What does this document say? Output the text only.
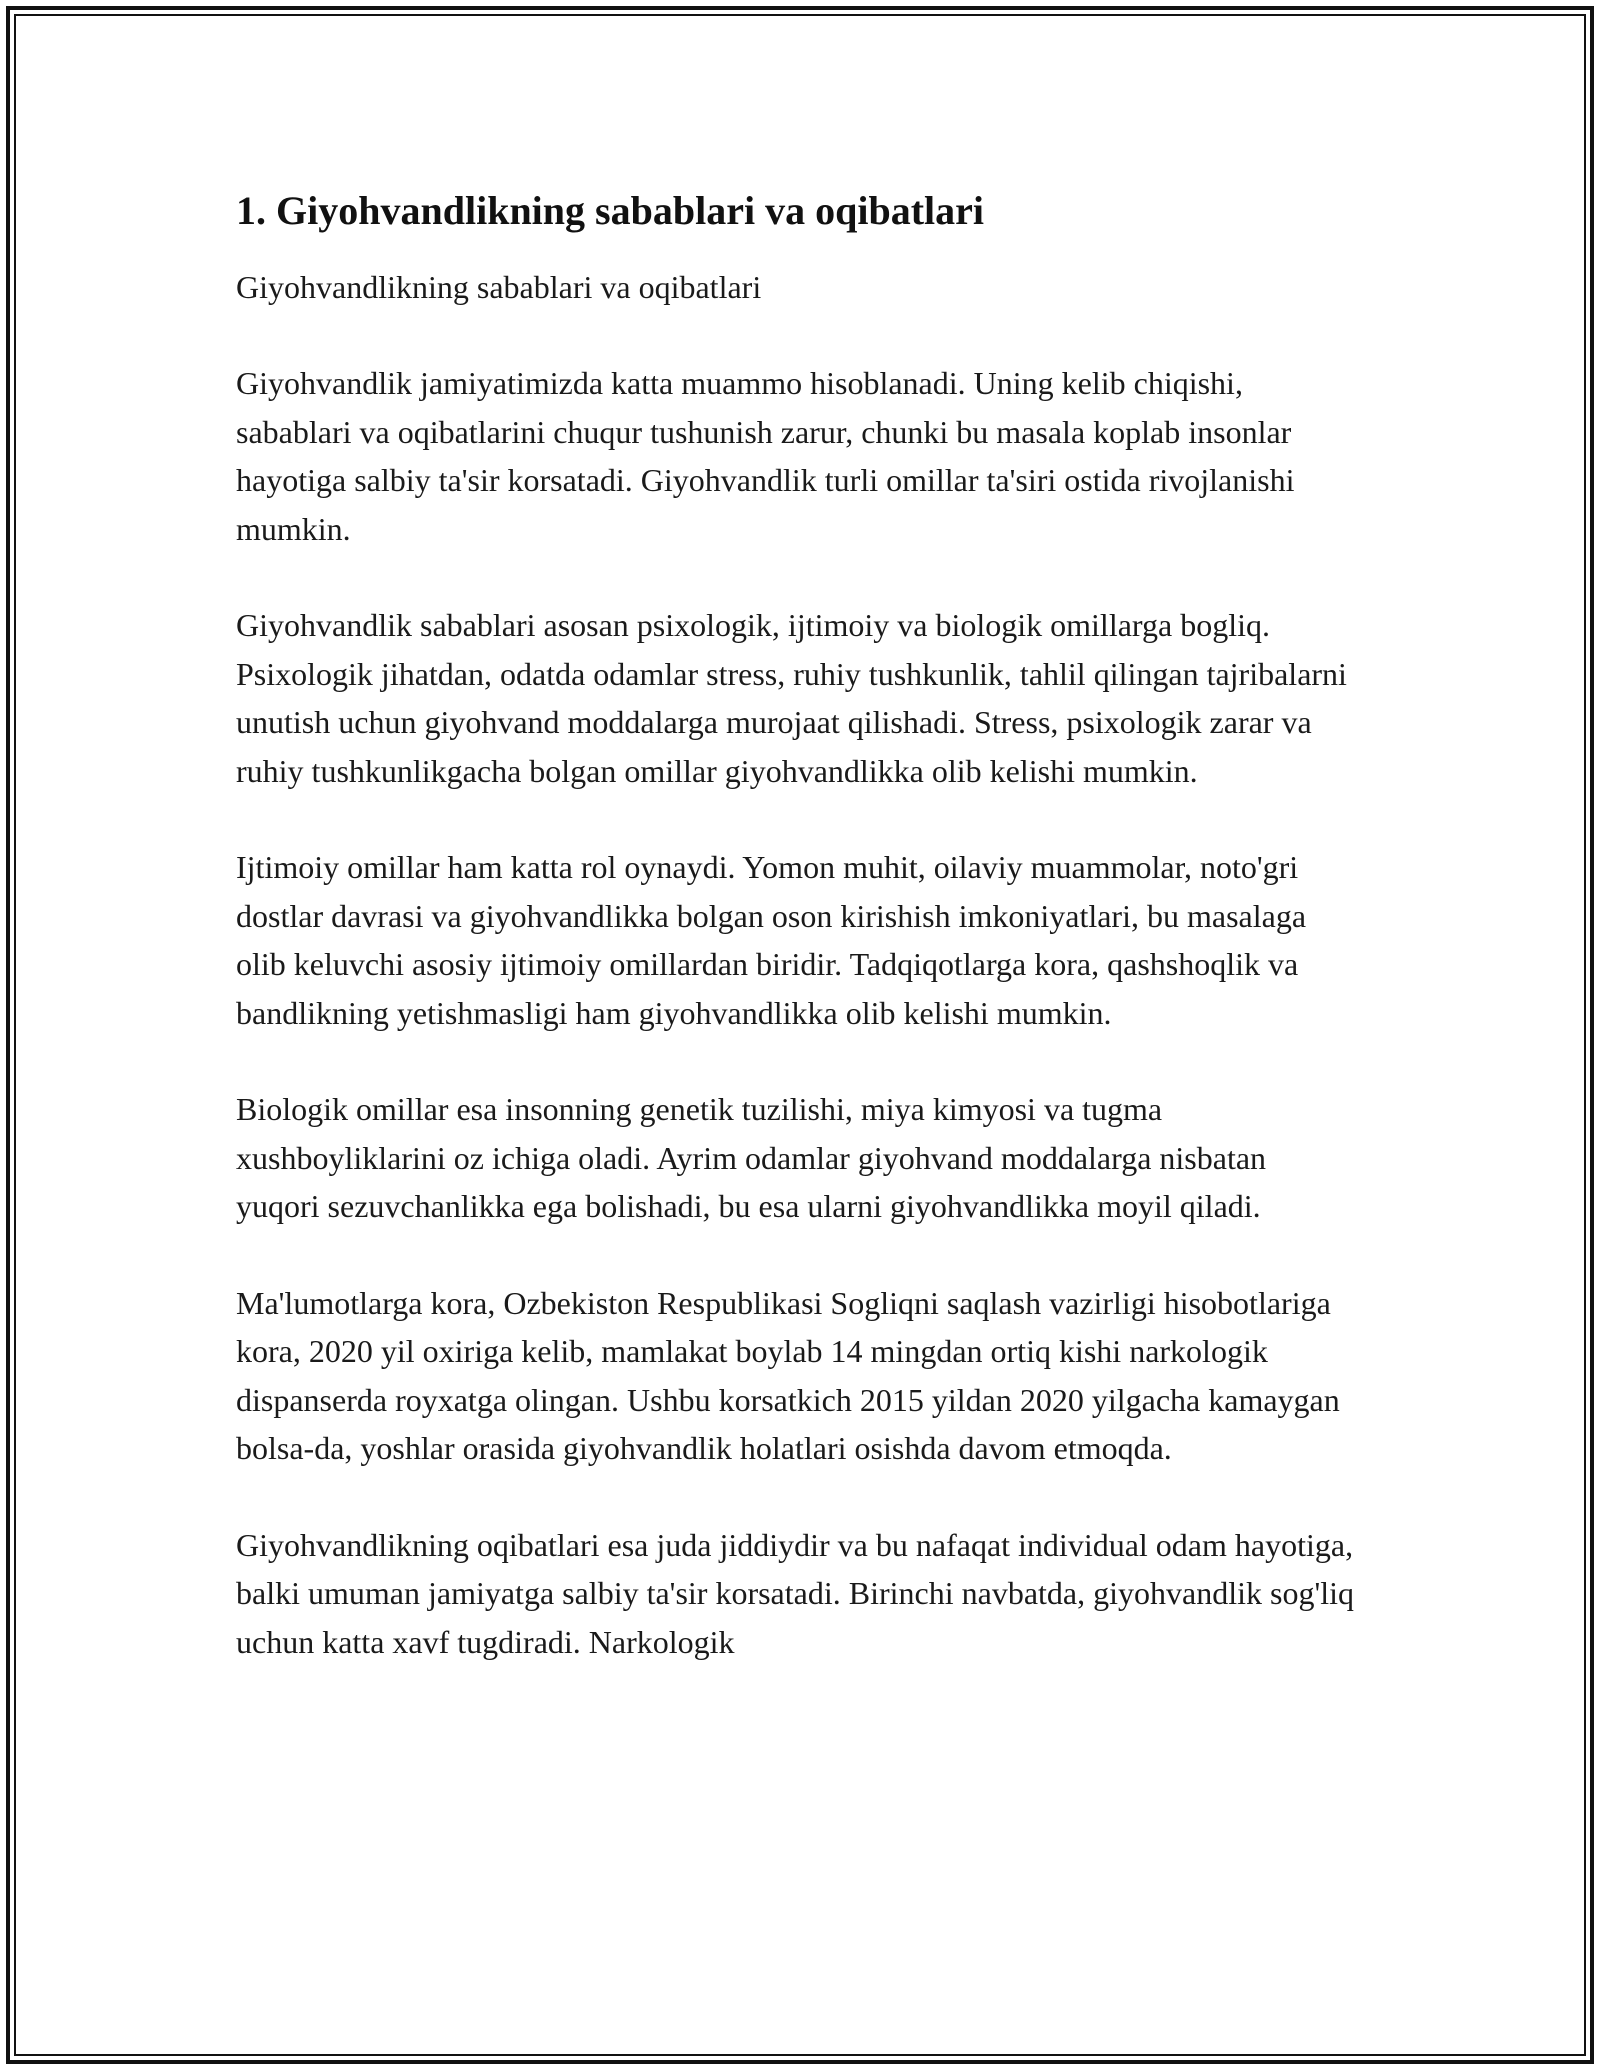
1. Giyohvandlikning sabablari va oqibatlari

Giyohvandlikning sabablari va oqibatlari

Giyohvandlik jamiyatimizda katta muammo hisoblanadi. Uning kelib chiqishi, sabablari va oqibatlarini chuqur tushunish zarur, chunki bu masala koplab insonlar hayotiga salbiy ta'sir korsatadi. Giyohvandlik turli omillar ta'siri ostida rivojlanishi mumkin.

Giyohvandlik sabablari asosan psixologik, ijtimoiy va biologik omillarga bogliq. Psixologik jihatdan, odatda odamlar stress, ruhiy tushkunlik, tahlil qilingan tajribalarni unutish uchun giyohvand moddalarga murojaat qilishadi. Stress, psixologik zarar va ruhiy tushkunlikgacha bolgan omillar giyohvandlikka olib kelishi mumkin.

Ijtimoiy omillar ham katta rol oynaydi. Yomon muhit, oilaviy muammolar, noto'gri dostlar davrasi va giyohvandlikka bolgan oson kirishish imkoniyatlari, bu masalaga olib keluvchi asosiy ijtimoiy omillardan biridir. Tadqiqotlarga kora, qashshoqlik va bandlikning yetishmasligi ham giyohvandlikka olib kelishi mumkin.

Biologik omillar esa insonning genetik tuzilishi, miya kimyosi va tugma xushboyliklarini oz ichiga oladi. Ayrim odamlar giyohvand moddalarga nisbatan yuqori sezuvchanlikka ega bolishadi, bu esa ularni giyohvandlikka moyil qiladi.

Ma'lumotlarga kora, Ozbekiston Respublikasi Sogliqni saqlash vazirligi hisobotlariga kora, 2020 yil oxiriga kelib, mamlakat boylab 14 mingdan ortiq kishi narkologik dispanserda royxatga olingan. Ushbu korsatkich 2015 yildan 2020 yilgacha kamaygan bolsa-da, yoshlar orasida giyohvandlik holatlari osishda davom etmoqda.

Giyohvandlikning oqibatlari esa juda jiddiydir va bu nafaqat individual odam hayotiga, balki umuman jamiyatga salbiy ta'sir korsatadi. Birinchi navbatda, giyohvandlik sog'liq uchun katta xavf tugdiradi. Narkologik
